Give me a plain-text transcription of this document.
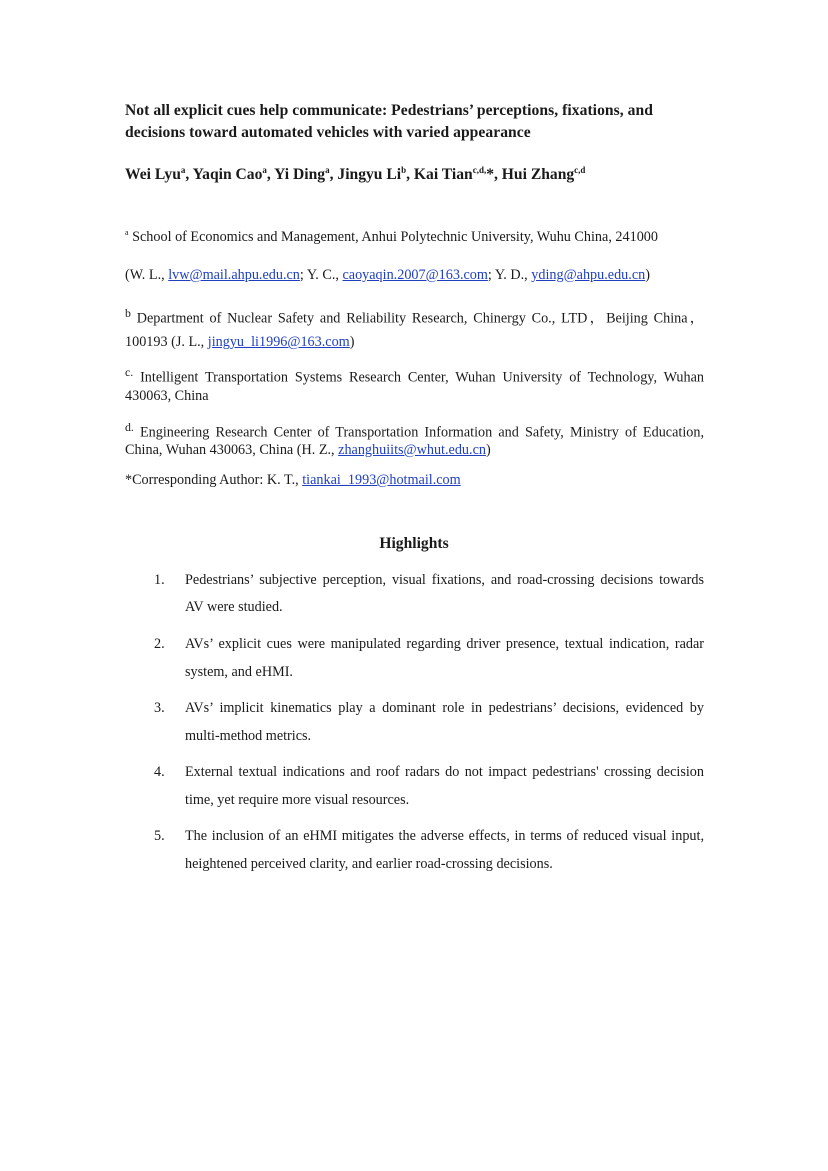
Not all explicit cues help communicate: Pedestrians’ perceptions, fixations, and
decisions toward automated vehicles with varied appearance
Wei Lyu$^a$, Yaqin Cao$^a$, Yi Ding$^a$, Jingyu Li$^b$, Kai Tian$^{c,d,}$*, Hui Zhang$^{c,d}$
$^a$ School of Economics and Management, Anhui Polytechnic University, Wuhu China, 241000
(W. L., lvw@mail.ahpu.edu.cn; Y. C., caoyaqin.2007@163.com; Y. D., yding@ahpu.edu.cn)
$^b$ Department of Nuclear Safety and Reliability Research, Chinergy Co., LTD，Beijing China，
100193 (J. L., jingyu_li1996@163.com)
$^{c.}$ Intelligent Transportation Systems Research Center, Wuhan University of Technology, Wuhan
430063, China
$^{d.}$ Engineering Research Center of Transportation Information and Safety, Ministry of Education,
China, Wuhan 430063, China (H. Z., zhanghuiits@whut.edu.cn)
*Corresponding Author: K. T., tiankai_1993@hotmail.com
Highlights
1. Pedestrians’ subjective perception, visual fixations, and road-crossing decisions towards
AV were studied.
2. AVs’ explicit cues were manipulated regarding driver presence, textual indication, radar
system, and eHMI.
3. AVs’ implicit kinematics play a dominant role in pedestrians’ decisions, evidenced by
multi-method metrics.
4. External textual indications and roof radars do not impact pedestrians' crossing decision
time, yet require more visual resources.
5. The inclusion of an eHMI mitigates the adverse effects, in terms of reduced visual input,
heightened perceived clarity, and earlier road-crossing decisions.
